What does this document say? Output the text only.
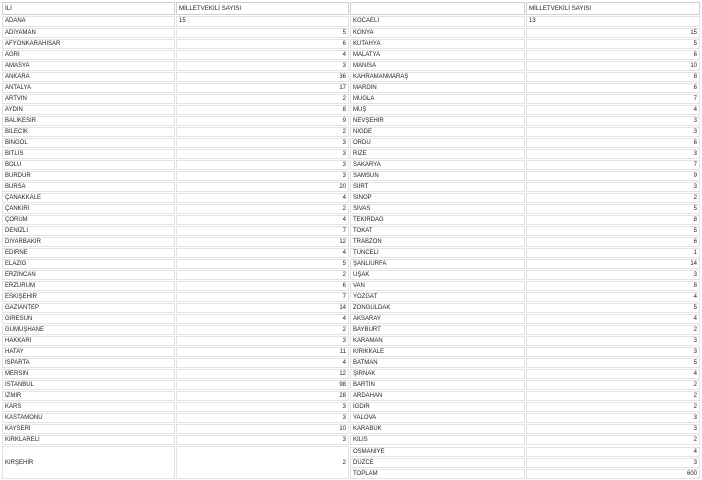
İLİ	MİLLETVEKİLİ SAYISI		MİLLETVEKİLİ SAYISI
ADANA	15	KOCAELİ	13
ADIYAMAN	5	KONYA	15
AFYONKARAHİSAR	6	KÜTAHYA	5
AĞRI	4	MALATYA	6
AMASYA	3	MANİSA	10
ANKARA	36	KAHRAMANMARAŞ	8
ANTALYA	17	MARDİN	6
ARTVİN	2	MUĞLA	7
AYDIN	8	MUŞ	4
BALIKESİR	9	NEVŞEHİR	3
BİLECİK	2	NİĞDE	3
BİNGÖL	3	ORDU	6
BİTLİS	3	RİZE	3
BOLU	3	SAKARYA	7
BURDUR	3	SAMSUN	9
BURSA	20	SİİRT	3
ÇANAKKALE	4	SİNOP	2
ÇANKIRI	2	SİVAS	5
ÇORUM	4	TEKİRDAĞ	8
DENİZLİ	7	TOKAT	5
DİYARBAKIR	12	TRABZON	6
EDİRNE	4	TUNCELİ	1
ELAZIĞ	5	ŞANLIURFA	14
ERZİNCAN	2	UŞAK	3
ERZURUM	6	VAN	8
ESKİŞEHİR	7	YOZGAT	4
GAZİANTEP	14	ZONGULDAK	5
GİRESUN	4	AKSARAY	4
GÜMÜŞHANE	2	BAYBURT	2
HAKKARİ	3	KARAMAN	3
HATAY	11	KIRIKKALE	3
ISPARTA	4	BATMAN	5
MERSİN	12	ŞIRNAK	4
İSTANBUL	98	BARTIN	2
İZMİR	28	ARDAHAN	2
KARS	3	IĞDIR	2
KASTAMONU	3	YALOVA	3
KAYSERİ	10	KARABÜK	3
KIRKLARELİ	3	KİLİS	2
KIRŞEHİR	2		
		OSMANİYE	4
		DÜZCE	3
		TOPLAM	600
